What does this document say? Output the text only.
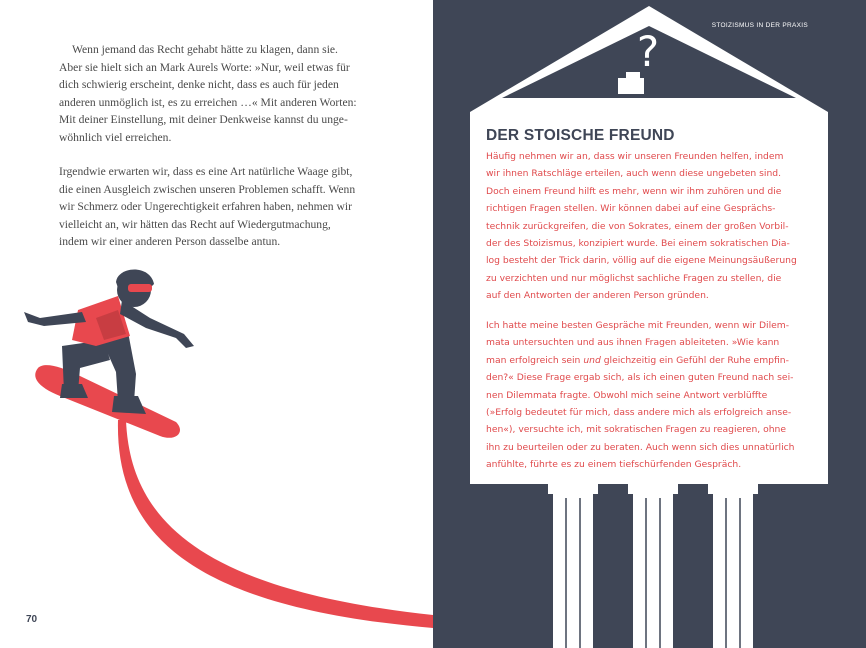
Wenn jemand das Recht gehabt hätte zu klagen, dann sie.
Aber sie hielt sich an Mark Aurels Worte: »Nur, weil etwas für
dich schwierig erscheint, denke nicht, dass es auch für jeden
anderen unmöglich ist, es zu erreichen …« Mit anderen Worten:
Mit deiner Einstellung, mit deiner Denkweise kannst du unge-
wöhnlich viel erreichen.

Irgendwie erwarten wir, dass es eine Art natürliche Waage gibt,
die einen Ausgleich zwischen unseren Problemen schafft. Wenn
wir Schmerz oder Ungerechtigkeit erfahren haben, nehmen wir
vielleicht an, wir hätten das Recht auf Wiedergutmachung,
indem wir einer anderen Person dasselbe antun.

70
STOIZISMUS IN DER PRAXIS
?
DER STOISCHE FREUND

Häufig nehmen wir an, dass wir unseren Freunden helfen, indem
wir ihnen Ratschläge erteilen, auch wenn diese ungebeten sind.
Doch einem Freund hilft es mehr, wenn wir ihm zuhören und die
richtigen Fragen stellen. Wir können dabei auf eine Gesprächs-
technik zurückgreifen, die von Sokrates, einem der großen Vorbil-
der des Stoizismus, konzipiert wurde. Bei einem sokratischen Dia-
log besteht der Trick darin, völlig auf die eigene Meinungsäußerung
zu verzichten und nur möglichst sachliche Fragen zu stellen, die
auf den Antworten der anderen Person gründen.

Ich hatte meine besten Gespräche mit Freunden, wenn wir Dilem-
mata untersuchten und aus ihnen Fragen ableiteten. »Wie kann
man erfolgreich sein und gleichzeitig ein Gefühl der Ruhe empfin-
den?« Diese Frage ergab sich, als ich einen guten Freund nach sei-
nen Dilemmata fragte. Obwohl mich seine Antwort verblüffte
(»Erfolg bedeutet für mich, dass andere mich als erfolgreich anse-
hen«), versuchte ich, mit sokratischen Fragen zu reagieren, ohne
ihn zu beurteilen oder zu beraten. Auch wenn sich dies unnatürlich
anfühlte, führte es zu einem tiefschürfenden Gespräch.
